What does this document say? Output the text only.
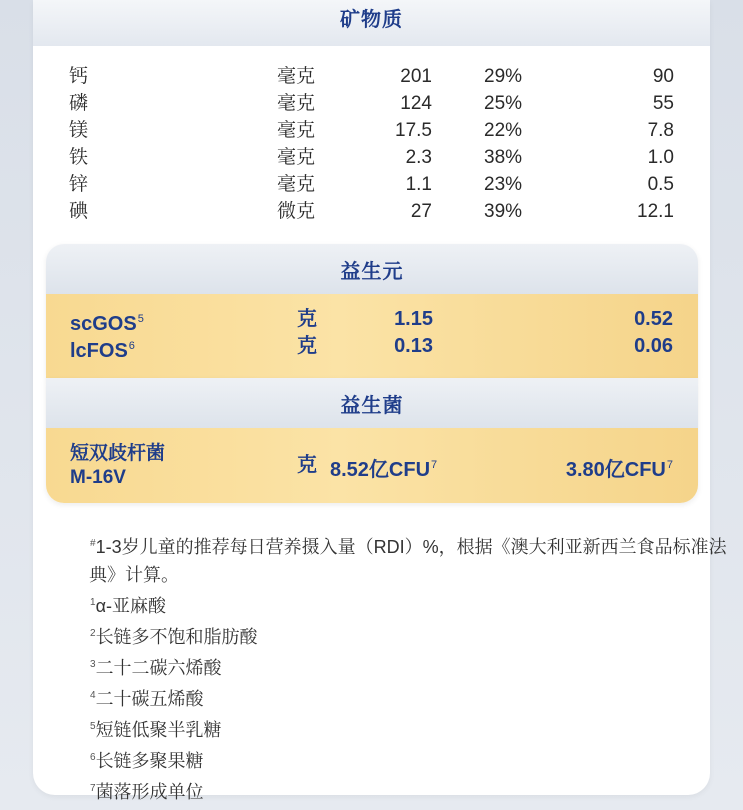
矿物质
钙	毫克	201	29%	90
磷	毫克	124	25%	55
镁	毫克	17.5	22%	7.8
铁	毫克	2.3	38%	1.0
锌	毫克	1.1	23%	0.5
碘	微克	27	39%	12.1
#1-3岁儿童的推荐每日营养摄入量（RDI）%，根据《澳大利亚新西兰食品标准法典》计算。
$^1$α-亚麻酸
$^2$长链多不饱和脂肪酸
$^3$二十二碳六烯酸
$^4$二十碳五烯酸
$^5$短链低聚半乳糖
$^6$长链多聚果糖
$^7$菌落形成单位
益生元
scGOS$^5$	克	1.15	0.52
lcFOS$^6$	克	0.13	0.06
益生菌
短双歧杆菌
M-16V
克 8.52亿CFU$^7$	3.80亿CFU$^7$
